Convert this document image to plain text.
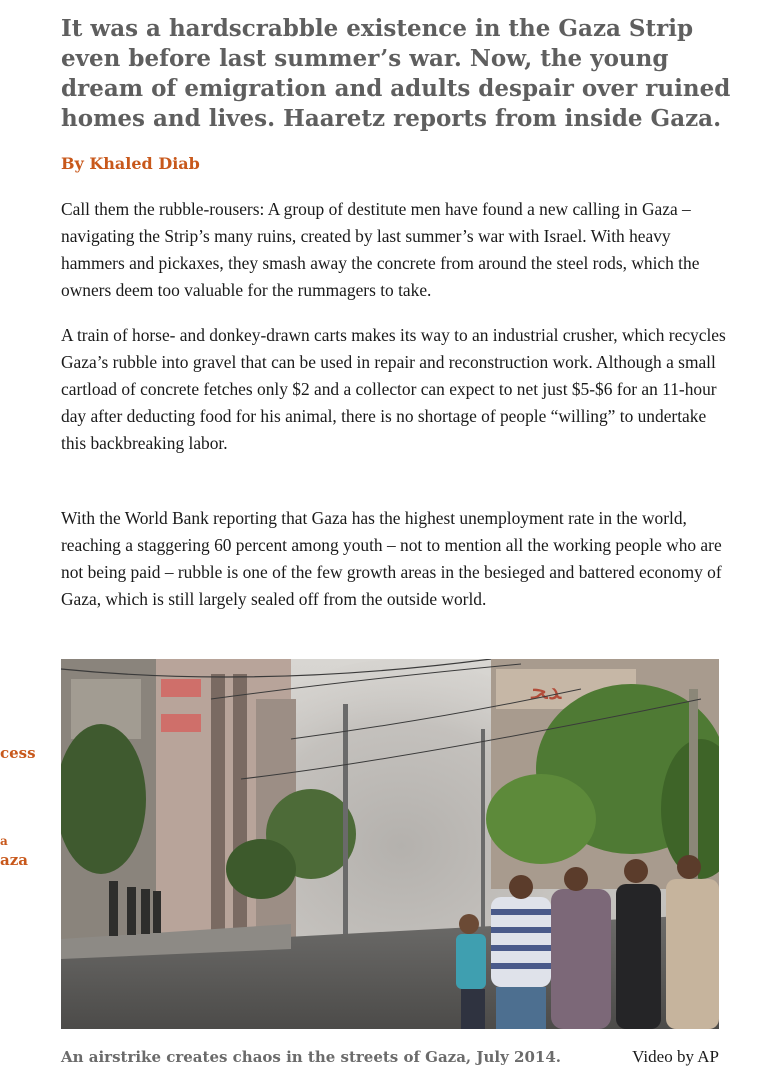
It was a hardscrabble existence in the Gaza Strip even before last summer’s war. Now, the young dream of emigration and adults despair over ruined homes and lives. Haaretz reports from inside Gaza.
By Khaled Diab

Call them the rubble-rousers: A group of destitute men have found a new calling in Gaza – navigating the Strip’s many ruins, created by last summer’s war with Israel. With heavy hammers and pickaxes, they smash away the concrete from around the steel rods, which the owners deem too valuable for the rummagers to take.

A train of horse- and donkey-drawn carts makes its way to an industrial crusher, which recycles Gaza’s rubble into gravel that can be used in repair and reconstruction work. Although a small cartload of concrete fetches only $2 and a collector can expect to net just $5-$6 for an 11-hour day after deducting food for his animal, there is no shortage of people “willing” to undertake this backbreaking labor.

With the World Bank reporting that Gaza has the highest unemployment rate in the world, reaching a staggering 60 percent among youth – not to mention all the working people who are not being paid – rubble is one of the few growth areas in the besieged and battered economy of Gaza, which is still largely sealed off from the outside world.

cess
a
aza
ﺪﺤ
An airstrike creates chaos in the streets of Gaza, July 2014.	Video by AP
